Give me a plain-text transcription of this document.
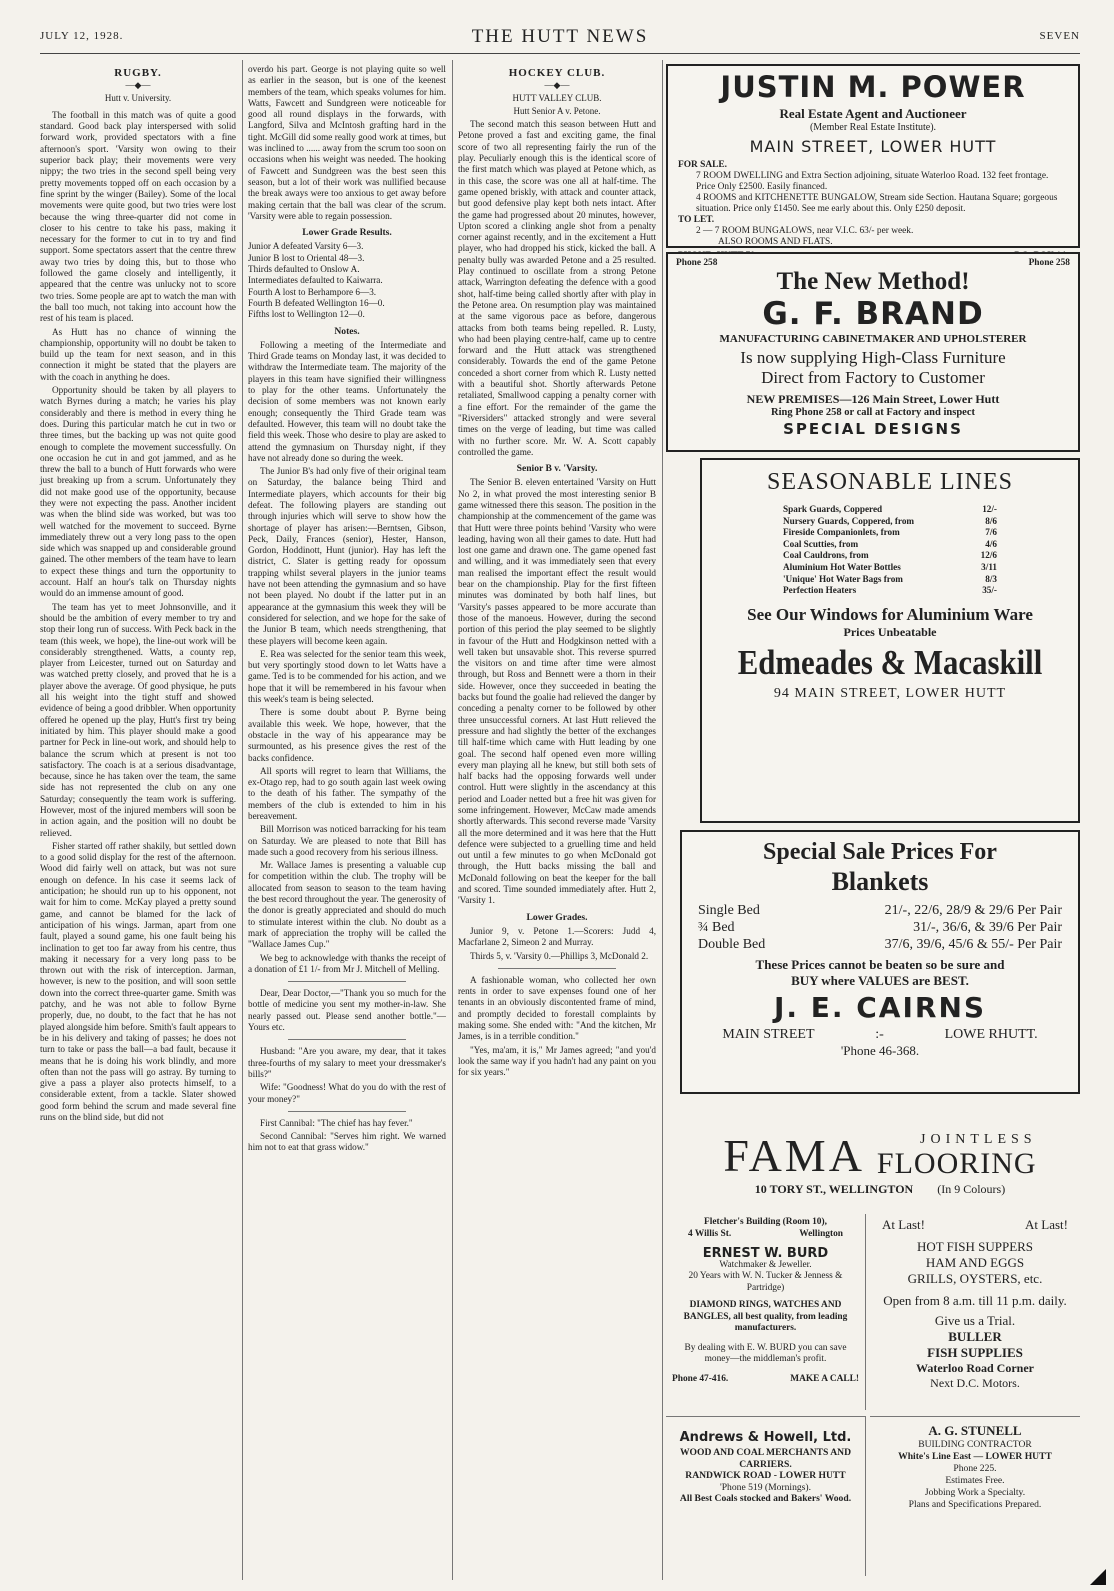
JULY 12, 1928.	THE HUTT NEWS	SEVEN
RUGBY.
—◆—
Hutt v. University.

The football in this match was of quite a good standard. Good back play interspersed with solid forward work, provided spectators with a fine afternoon's sport. 'Varsity won owing to their superior back play; their movements were very nippy; the two tries in the second spell being very pretty movements topped off on each occasion by a fine sprint by the winger (Bailey). Some of the local movements were quite good, but two tries were lost because the wing three-quarter did not come in closer to his centre to take his pass, making it necessary for the former to cut in to try and find support. Some spectators assert that the centre threw away two tries by doing this, but to those who followed the game closely and intelligently, it appeared that the centre was unlucky not to score two tries. Some people are apt to watch the man with the ball too much, not taking into account how the rest of his team is placed.

As Hutt has no chance of winning the championship, opportunity will no doubt be taken to build up the team for next season, and in this connection it might be stated that the players are with the coach in anything he does.

Opportunity should be taken by all players to watch Byrnes during a match; he varies his play considerably and there is method in every thing he does. During this particular match he cut in two or three times, but the backing up was not quite good enough to complete the movement successfully. On one occasion he cut in and got jammed, and as he threw the ball to a bunch of Hutt forwards who were just breaking up from a scrum. Unfortunately they did not make good use of the opportunity, because they were not expecting the pass. Another incident was when the blind side was worked, but was too well watched for the movement to succeed. Byrne immediately threw out a very long pass to the open side which was snapped up and considerable ground gained. The other members of the team have to learn to expect these things and turn the opportunity to account. Half an hour's talk on Thursday nights would do an immense amount of good.

The team has yet to meet Johnsonville, and it should be the ambition of every member to try and stop their long run of success. With Peck back in the team (this week, we hope), the line-out work will be considerably strengthened. Watts, a county rep, player from Leicester, turned out on Saturday and was watched pretty closely, and proved that he is a player above the average. Of good physique, he puts all his weight into the tight stuff and showed evidence of being a good dribbler. When opportunity offered he opened up the play, Hutt's first try being initiated by him. This player should make a good partner for Peck in line-out work, and should help to balance the scrum which at present is not too satisfactory. The coach is at a serious disadvantage, because, since he has taken over the team, the same side has not represented the club on any one Saturday; consequently the team work is suffering. However, most of the injured members will soon be in action again, and the position will no doubt be relieved.

Fisher started off rather shakily, but settled down to a good solid display for the rest of the afternoon. Wood did fairly well on attack, but was not sure enough on defence. In his case it seems lack of anticipation; he should run up to his opponent, not wait for him to come. McKay played a pretty sound game, and cannot be blamed for the lack of anticipation of his wings. Jarman, apart from one fault, played a sound game, his one fault being his inclination to get too far away from his centre, thus making it necessary for a very long pass to be thrown out with the risk of interception. Jarman, however, is new to the position, and will soon settle down into the correct three-quarter game. Smith was patchy, and he was not able to follow Byrne properly, due, no doubt, to the fact that he has not played alongside him before. Smith's fault appears to be in his delivery and taking of passes; he does not turn to take or pass the ball—a bad fault, because it means that he is doing his work blindly, and more often than not the pass will go astray. By turning to give a pass a player also protects himself, to a considerable extent, from a tackle. Slater showed good form behind the scrum and made several fine runs on the blind side, but did not

overdo his part. George is not playing quite so well as earlier in the season, but is one of the keenest members of the team, which speaks volumes for him. Watts, Fawcett and Sundgreen were noticeable for good all round displays in the forwards, with Langford, Silva and McIntosh grafting hard in the tight. McGill did some really good work at times, but was inclined to ...... away from the scrum too soon on occasions when his weight was needed. The hooking of Fawcett and Sundgreen was the best seen this season, but a lot of their work was nullified because the break aways were too anxious to get away before making certain that the ball was clear of the scrum. 'Varsity were able to regain possession.

Lower Grade Results.

Junior A defeated Varsity 6—3.

Junior B lost to Oriental 48—3.

Thirds defaulted to Onslow A.

Intermediates defaulted to Kaiwarra.

Fourth A lost to Berhampore 6—3.

Fourth B defeated Wellington 16—0.

Fifths lost to Wellington 12—0.

Notes.

Following a meeting of the Intermediate and Third Grade teams on Monday last, it was decided to withdraw the Intermediate team. The majority of the players in this team have signified their willingness to play for the other teams. Unfortunately the decision of some members was not known early enough; consequently the Third Grade team was defaulted. However, this team will no doubt take the field this week. Those who desire to play are asked to attend the gymnasium on Thursday night, if they have not already done so during the week.

The Junior B's had only five of their original team on Saturday, the balance being Third and Intermediate players, which accounts for their big defeat. The following players are standing out through injuries which will serve to show how the shortage of player has arisen:—Berntsen, Gibson, Peck, Daily, Frances (senior), Hester, Hanson, Gordon, Hoddinott, Hunt (junior). Hay has left the district, C. Slater is getting ready for opossum trapping whilst several players in the junior teams have not been attending the gymnasium and so have not been played. No doubt if the latter put in an appearance at the gymnasium this week they will be considered for selection, and we hope for the sake of the Junior B team, which needs strengthening, that these players will become keen again.

E. Rea was selected for the senior team this week, but very sportingly stood down to let Watts have a game. Ted is to be commended for his action, and we hope that it will be remembered in his favour when this week's team is being selected.

There is some doubt about P. Byrne being available this week. We hope, however, that the obstacle in the way of his appearance may be surmounted, as his presence gives the rest of the backs confidence.

All sports will regret to learn that Williams, the ex-Otago rep, had to go south again last week owing to the death of his father. The sympathy of the members of the club is extended to him in his bereavement.

Bill Morrison was noticed barracking for his team on Saturday. We are pleased to note that Bill has made such a good recovery from his serious illness.

Mr. Wallace James is presenting a valuable cup for competition within the club. The trophy will be allocated from season to season to the team having the best record throughout the year. The generosity of the donor is greatly appreciated and should do much to stimulate interest within the club. No doubt as a mark of appreciation the trophy will be called the "Wallace James Cup."

We beg to acknowledge with thanks the receipt of a donation of £1 1/- from Mr J. Mitchell of Melling.

Dear, Dear Doctor,—"Thank you so much for the bottle of medicine you sent my mother-in-law. She nearly passed out. Please send another bottle."—Yours etc.

Husband: "Are you aware, my dear, that it takes three-fourths of my salary to meet your dressmaker's bills?"

Wife: "Goodness! What do you do with the rest of your money?"

First Cannibal: "The chief has hay fever."

Second Cannibal: "Serves him right. We warned him not to eat that grass widow."

HOCKEY CLUB.
—◆—
HUTT VALLEY CLUB.
Hutt Senior A v. Petone.

The second match this season between Hutt and Petone proved a fast and exciting game, the final score of two all representing fairly the run of the play. Peculiarly enough this is the identical score of the first match which was played at Petone which, as in this case, the score was one all at half-time. The game opened briskly, with attack and counter attack, but good defensive play kept both nets intact. After the game had progressed about 20 minutes, however, Upton scored a clinking angle shot from a penalty corner against recently, and in the excitement a Hutt player, who had dropped his stick, kicked the ball. A penalty bully was awarded Petone and a 25 resulted. Play continued to oscillate from a strong Petone attack, Warrington defeating the defence with a good shot, half-time being called shortly after with play in the Petone area. On resumption play was maintained at the same vigorous pace as before, dangerous attacks from both teams being repelled. R. Lusty, who had been playing centre-half, came up to centre forward and the Hutt attack was strengthened considerably. Towards the end of the game Petone conceded a short corner from which R. Lusty netted with a beautiful shot. Shortly afterwards Petone retaliated, Smallwood capping a penalty corner with a fine effort. For the remainder of the game the "Riversiders" attacked strongly and were several times on the verge of leading, but time was called with no further score. Mr. W. A. Scott capably controlled the game.

Senior B v. 'Varsity.

The Senior B. eleven entertained 'Varsity on Hutt No 2, in what proved the most interesting senior B game witnessed there this season. The position in the championship at the commencement of the game was that Hutt were three points behind 'Varsity who were leading, having won all their games to date. Hutt had lost one game and drawn one. The game opened fast and willing, and it was immediately seen that every man realised the important effect the result would bear on the championship. Play for the first fifteen minutes was dominated by both half lines, but 'Varsity's passes appeared to be more accurate than those of the manoeus. However, during the second portion of this period the play seemed to be slightly in favour of the Hutt and Hodgkinson netted with a well taken but unsavable shot. This reverse spurred the visitors on and time after time were almost through, but Ross and Bennett were a thorn in their side. However, once they succeeded in beating the backs but found the goalie had relieved the danger by conceding a penalty corner to be followed by other three unsuccessful corners. At last Hutt relieved the pressure and had slightly the better of the exchanges till half-time which came with Hutt leading by one goal. The second half opened even more willing every man playing all he knew, but still both sets of half backs had the opposing forwards well under control. Hutt were slightly in the ascendancy at this period and Loader netted but a free hit was given for some infringement. However, McCaw made amends shortly afterwards. This second reverse made 'Varsity all the more determined and it was here that the Hutt defence were subjected to a gruelling time and held out until a few minutes to go when McDonald got through, the Hutt backs missing the ball and McDonald following on beat the keeper for the ball and scored. Time sounded immediately after. Hutt 2, 'Varsity 1.

Lower Grades.

Junior 9, v. Petone 1.—Scorers: Judd 4, Macfarlane 2, Simeon 2 and Murray.

Thirds 5, v. 'Varsity 0.—Phillips 3, McDonald 2.

A fashionable woman, who collected her own rents in order to save expenses found one of her tenants in an obviously discontented frame of mind, and promptly decided to forestall complaints by making some. She ended with: "And the kitchen, Mr James, is in a terrible condition."

"Yes, ma'am, it is," Mr James agreed; "and you'd look the same way if you hadn't had any paint on you for six years."

JUSTIN M. POWER
Real Estate Agent and Auctioneer
(Member Real Estate Institute).
MAIN STREET, LOWER HUTT
FOR SALE.
7 ROOM DWELLING and Extra Section adjoining, situate Waterloo Road. 132 feet frontage. Price Only £2500. Easily financed.
4 ROOMS and KITCHENETTE BUNGALOW, Stream side Section. Hautana Square; gorgeous situation. Price only £1450. See me early about this. Only £250 deposit.
TO LET.
2 — 7 ROOM BUNGALOWS, near V.I.C. 63/- per week.
ALSO ROOMS AND FLATS.
Phone 258	Phone 258
The New Method!
G. F. BRAND
MANUFACTURING CABINETMAKER AND UPHOLSTERER
Is now supplying High-Class Furniture
Direct from Factory to Customer
NEW PREMISES—126 Main Street, Lower Hutt
Ring Phone 258 or call at Factory and inspect
SPECIAL DESIGNS
SEASONABLE LINES
Spark Guards, Coppered	12/-
Nursery Guards, Coppered, from	8/6
Fireside Companionlets, from	7/6
Coal Scutties, from	4/6
Coal Cauldrons, from	12/6
Aluminium Hot Water Bottles	3/11
'Unique' Hot Water Bags from	8/3
Perfection Heaters	35/-
See Our Windows for Aluminium Ware
Prices Unbeatable
Edmeades & Macaskill
94 MAIN STREET, LOWER HUTT
Special Sale Prices For
Blankets
Single Bed	21/-, 22/6, 28/9 & 29/6 Per Pair
¾ Bed	31/-, 36/6, & 39/6 Per Pair
Double Bed	37/6, 39/6, 45/6 & 55/- Per Pair
These Prices cannot be beaten so be sure and
BUY where VALUES are BEST.
J. E. CAIRNS
MAIN STREET	:-	LOWE RHUTT.
'Phone 46-368.
FAMA	JOINTLESS
FLOORING
10 TORY ST., WELLINGTON (In 9 Colours)
Fletcher's Building (Room 10),
4 Willis St.	Wellington
ERNEST W. BURD
Watchmaker & Jeweller.
20 Years with W. N. Tucker & Jenness & Partridge)
DIAMOND RINGS, WATCHES AND BANGLES, all best quality, from leading manufacturers.
By dealing with E. W. BURD you can save money—the middleman's profit.
Phone 47-416.	MAKE A CALL!
At Last!	At Last!
HOT FISH SUPPERS
HAM AND EGGS
GRILLS, OYSTERS, etc.
Open from 8 a.m. till 11 p.m. daily.
Give us a Trial.
BULLER
FISH SUPPLIES
Waterloo Road Corner
Next D.C. Motors.
Andrews & Howell, Ltd.
WOOD AND COAL MERCHANTS AND CARRIERS.
RANDWICK ROAD - LOWER HUTT
'Phone 519 (Mornings).
All Best Coals stocked and Bakers' Wood.
A. G. STUNELL
BUILDING CONTRACTOR
White's Line East — LOWER HUTT
Phone 225.
Estimates Free.
Jobbing Work a Specialty.
Plans and Specifications Prepared.
